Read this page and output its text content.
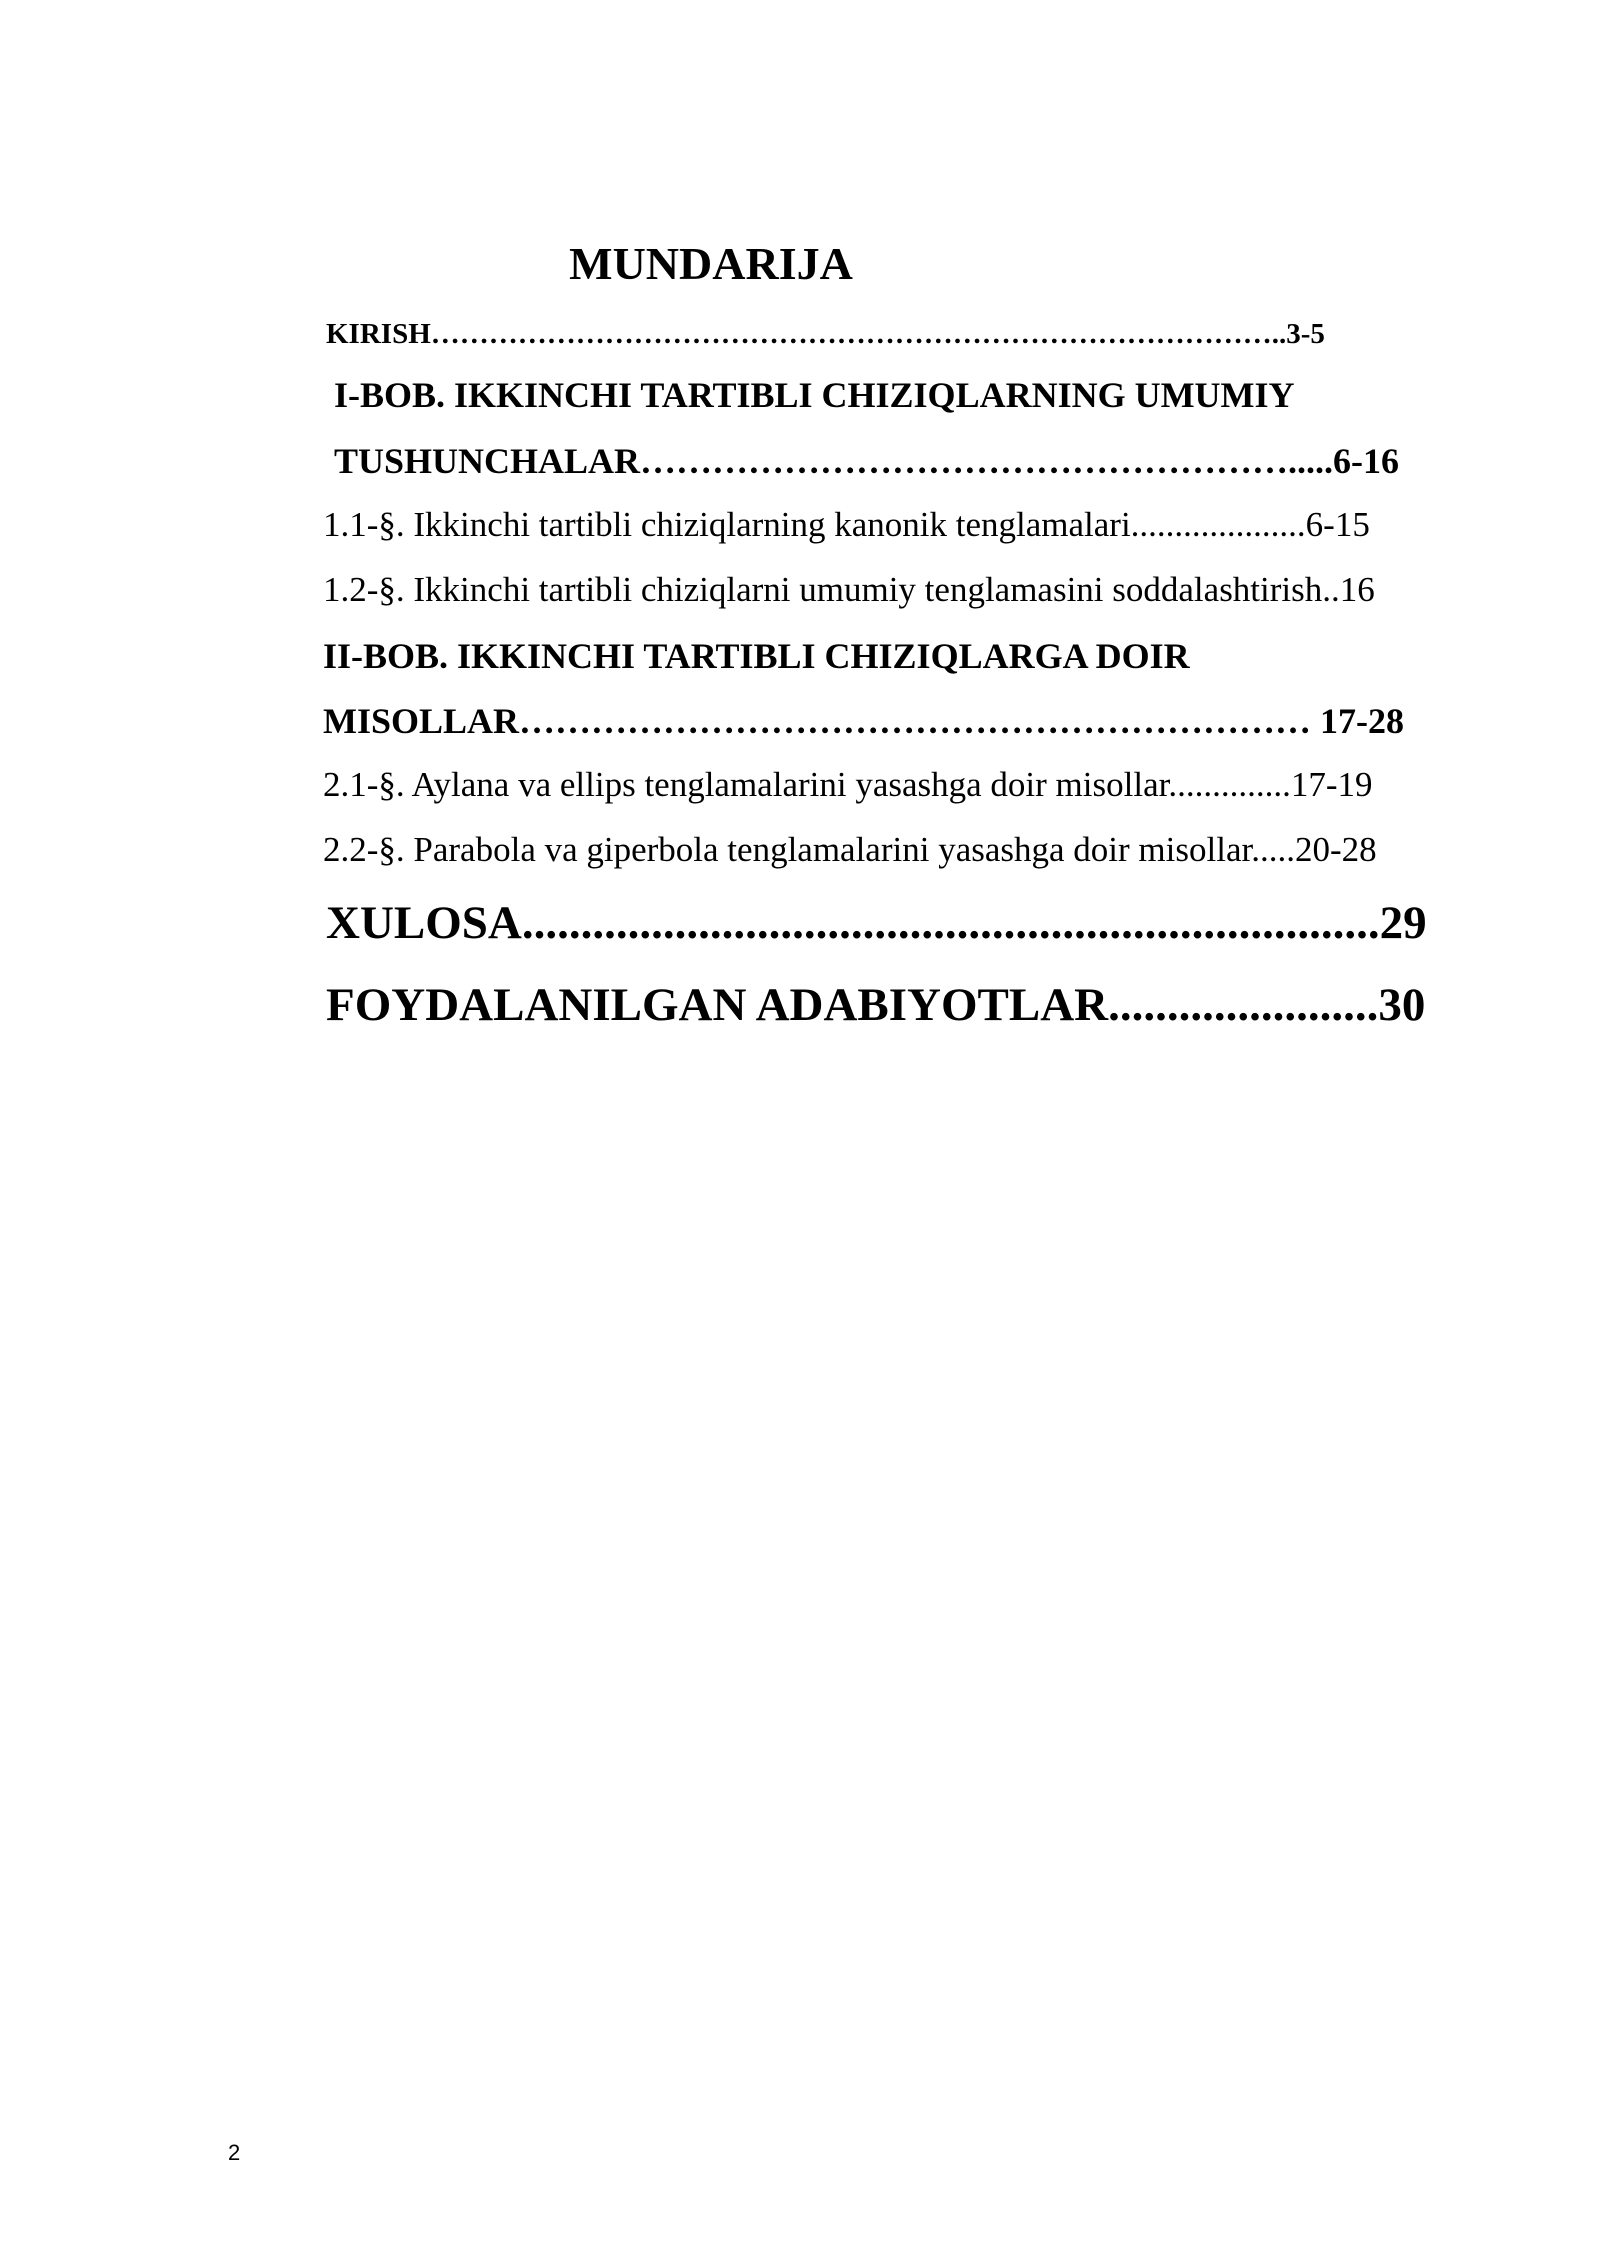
MUNDARIJA

KIRISH……………………………………………………………………………..3-5

I-BOB. IKKINCHI TARTIBLI CHIZIQLARNING UMUMIY

TUSHUNCHALAR……………………………………………….....6-16

1.1-§. Ikkinchi tartibli chiziqlarning kanonik tenglamalari....................6-15

1.2-§. Ikkinchi tartibli chiziqlarni umumiy tenglamasini soddalashtirish..16

II-BOB. IKKINCHI TARTIBLI CHIZIQLARGA DOIR

MISOLLAR………………………………………………………… 17-28

2.1-§. Aylana va ellips tenglamalarini yasashga doir misollar..............17-19

2.2-§. Parabola va giperbola tenglamalarini yasashga doir misollar.....20-28

XULOSA.........................................................................29

FOYDALANILGAN ADABIYOTLAR.......................30

2
